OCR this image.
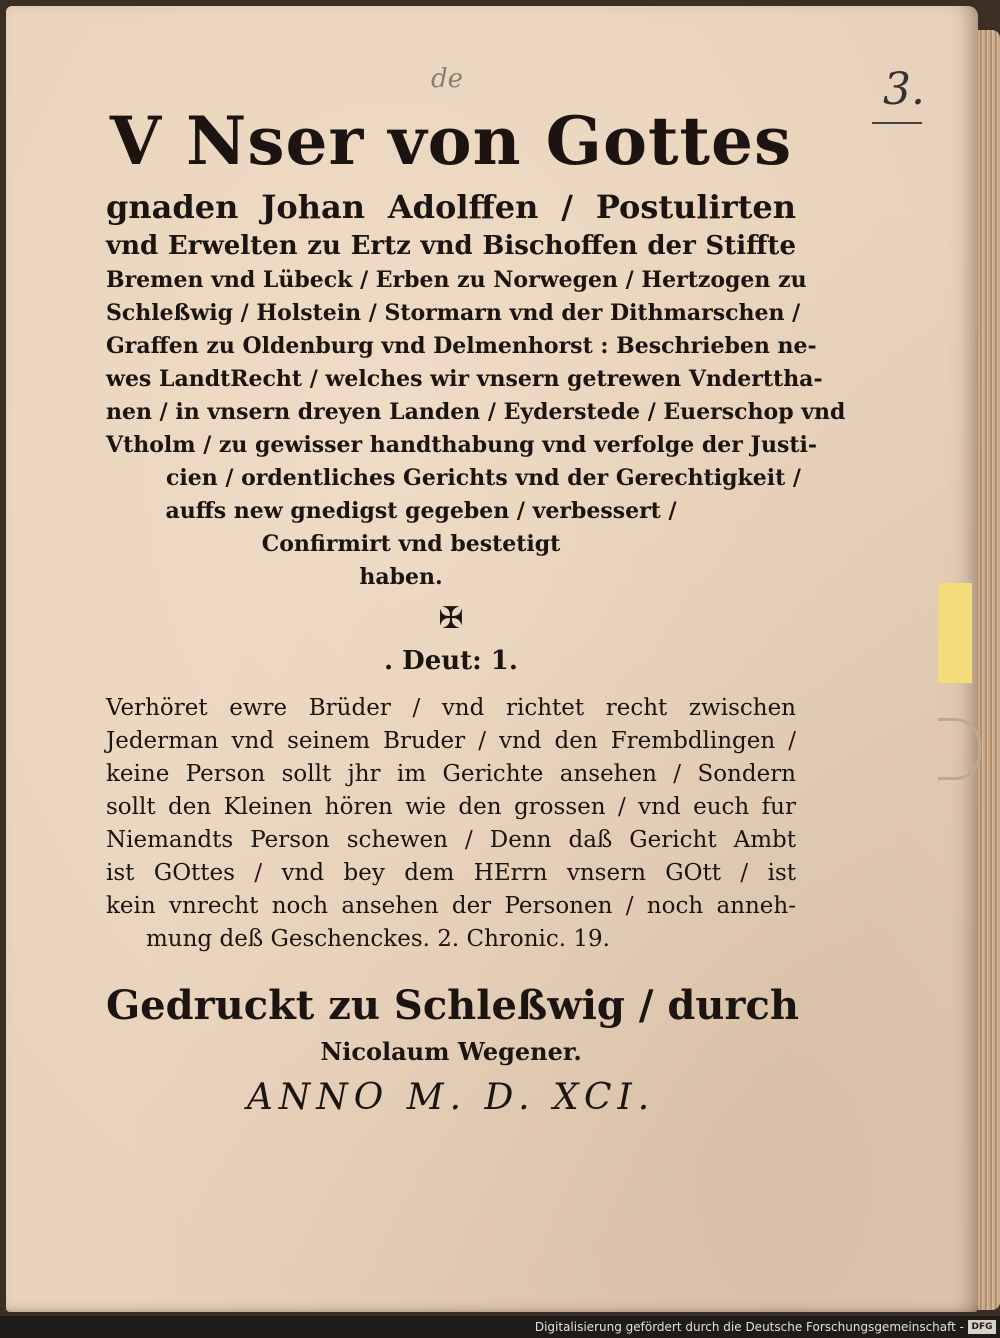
de	3.

V Nser von Gottes

gnaden Johan Adolffen / Postulirten

vnd Erwelten zu Ertz vnd Bischoffen der Stiffte

Bremen vnd Lübeck / Erben zu Norwegen / Hertzogen zu

Schleßwig / Holstein / Stormarn vnd der Dithmarschen /

Graffen zu Oldenburg vnd Delmenhorst : Beschrieben ne-

wes LandtRecht / welches wir vnsern getrewen Vnderttha-

nen / in vnsern dreyen Landen / Eyderstede / Euerschop vnd

Vtholm / zu gewisser handthabung vnd verfolge der Justi-

cien / ordentliches Gerichts vnd der Gerechtigkeit /

auffs new gnedigst gegeben / verbessert /

Confirmirt vnd bestetigt

haben.

✠
. Deut: 1.
Verhöret ewre Brüder / vnd richtet recht zwischen
Jederman vnd seinem Bruder / vnd den Frembdlingen /
keine Person sollt jhr im Gerichte ansehen / Sondern
sollt den Kleinen hören wie den grossen / vnd euch fur
Niemandts Person schewen / Denn daß Gericht Ambt
ist GOttes / vnd bey dem HErrn vnsern GOtt / ist
kein vnrecht noch ansehen der Personen / noch anneh-
mung deß Geschenckes. 2. Chronic. 19.
Gedruckt zu Schleßwig / durch
Nicolaum Wegener.
ANNO M. D. XCI.
Digitalisierung gefördert durch die Deutsche Forschungsgemeinschaft - DFG
